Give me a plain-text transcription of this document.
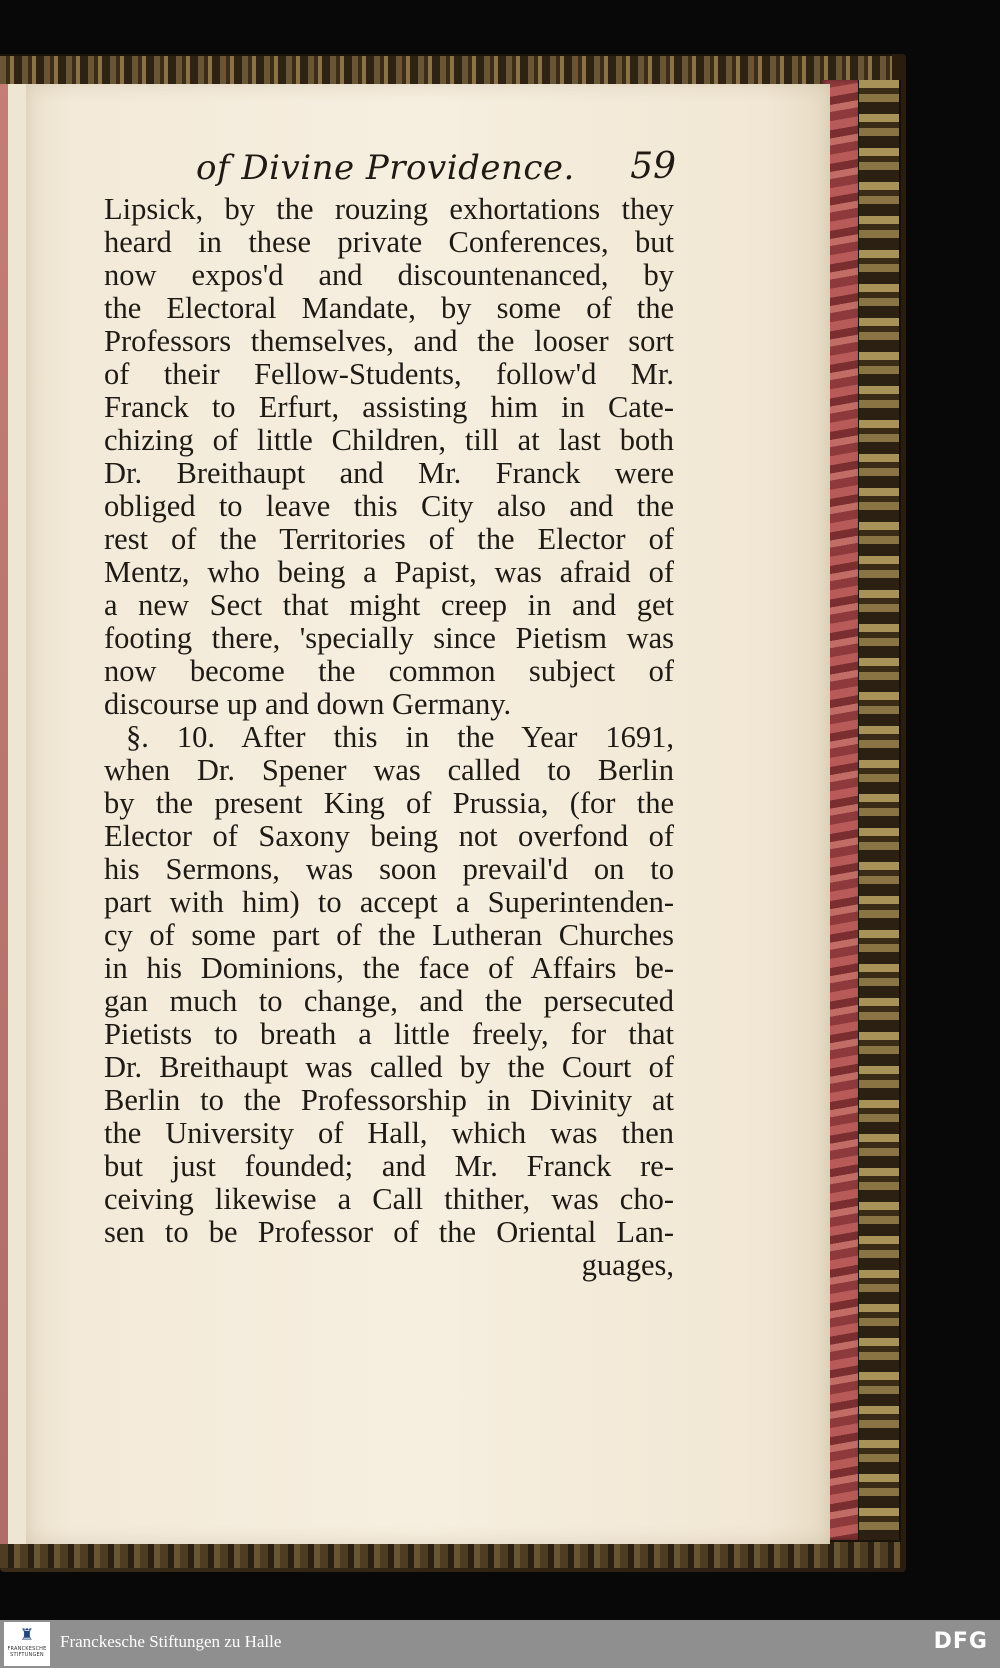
of Divine Providence. 59
Lipsick, by the rouzing exhortations they
heard in these private Conferences, but
now expos'd and discountenanced, by
the Electoral Mandate, by some of the
Professors themselves, and the looser sort
of their Fellow-Students, follow'd Mr.
Franck to Erfurt, assisting him in Cate-
chizing of little Children, till at last both
Dr. Breithaupt and Mr. Franck were
obliged to leave this City also and the
rest of the Territories of the Elector of
Mentz, who being a Papist, was afraid of
a new Sect that might creep in and get
footing there, 'specially since Pietism was
now become the common subject of
discourse up and down Germany.
§. 10. After this in the Year 1691,
when Dr. Spener was called to Berlin
by the present King of Prussia, (for the
Elector of Saxony being not overfond of
his Sermons, was soon prevail'd on to
part with him) to accept a Superintenden-
cy of some part of the Lutheran Churches
in his Dominions, the face of Affairs be-
gan much to change, and the persecuted
Pietists to breath a little freely, for that
Dr. Breithaupt was called by the Court of
Berlin to the Professorship in Divinity at
the University of Hall, which was then
but just founded; and Mr. Franck re-
ceiving likewise a Call thither, was cho-
sen to be Professor of the Oriental Lan-
guages,
♜
FRANCKESCHE
STIFTUNGEN
Franckesche Stiftungen zu Halle	DFG
